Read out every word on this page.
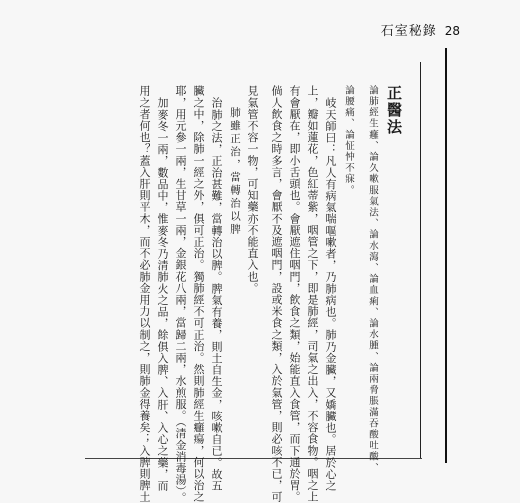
石室秘錄 28
正醫法
論肺經生癰、論久嗽服氣法、論水瀉、論血痢、論水腫、論兩脅脹滿吞酸吐酸、
論腰痛、論怔忡不寐。
岐天師曰：凡人有病氣喘嘔嗽者，乃肺病也。肺乃金臟，又嬌臟也。居於心之
上，瓣如蓮花，色紅蒂紫，咽管之下，即是肺經，司氣之出入，不容食物。咽之上
有會厭在，即小舌頭也。會厭遮住咽門，飲食之類，始能直入食管，而下通於胃。
倘人飲食之時多言，會厭不及遮咽門，設或米食之類，入於氣管，則必咳不已，可
見氣管不容一物，可知藥亦不能直入也。
肺雖正治，當轉治以脾
治肺之法，正治甚難，當轉治以脾。脾氣有養，則土自生金，咳嗽自已。故五
臟之中，除肺一經之外，俱可正治。獨肺經不可正治。然則肺經生癰瘍，何以治之
耶，用元參一兩，生甘草一兩，金銀花八兩，當歸二兩，水煎服。（清金消毒湯）。
加麥冬一兩，數品中，惟麥冬乃清肺火之品，餘俱入脾、入肝、入心之藥，而
用之者何也？蓋入肝則平木，而不必肺金用力以制之，則肺金得養矣；入脾則脾土
